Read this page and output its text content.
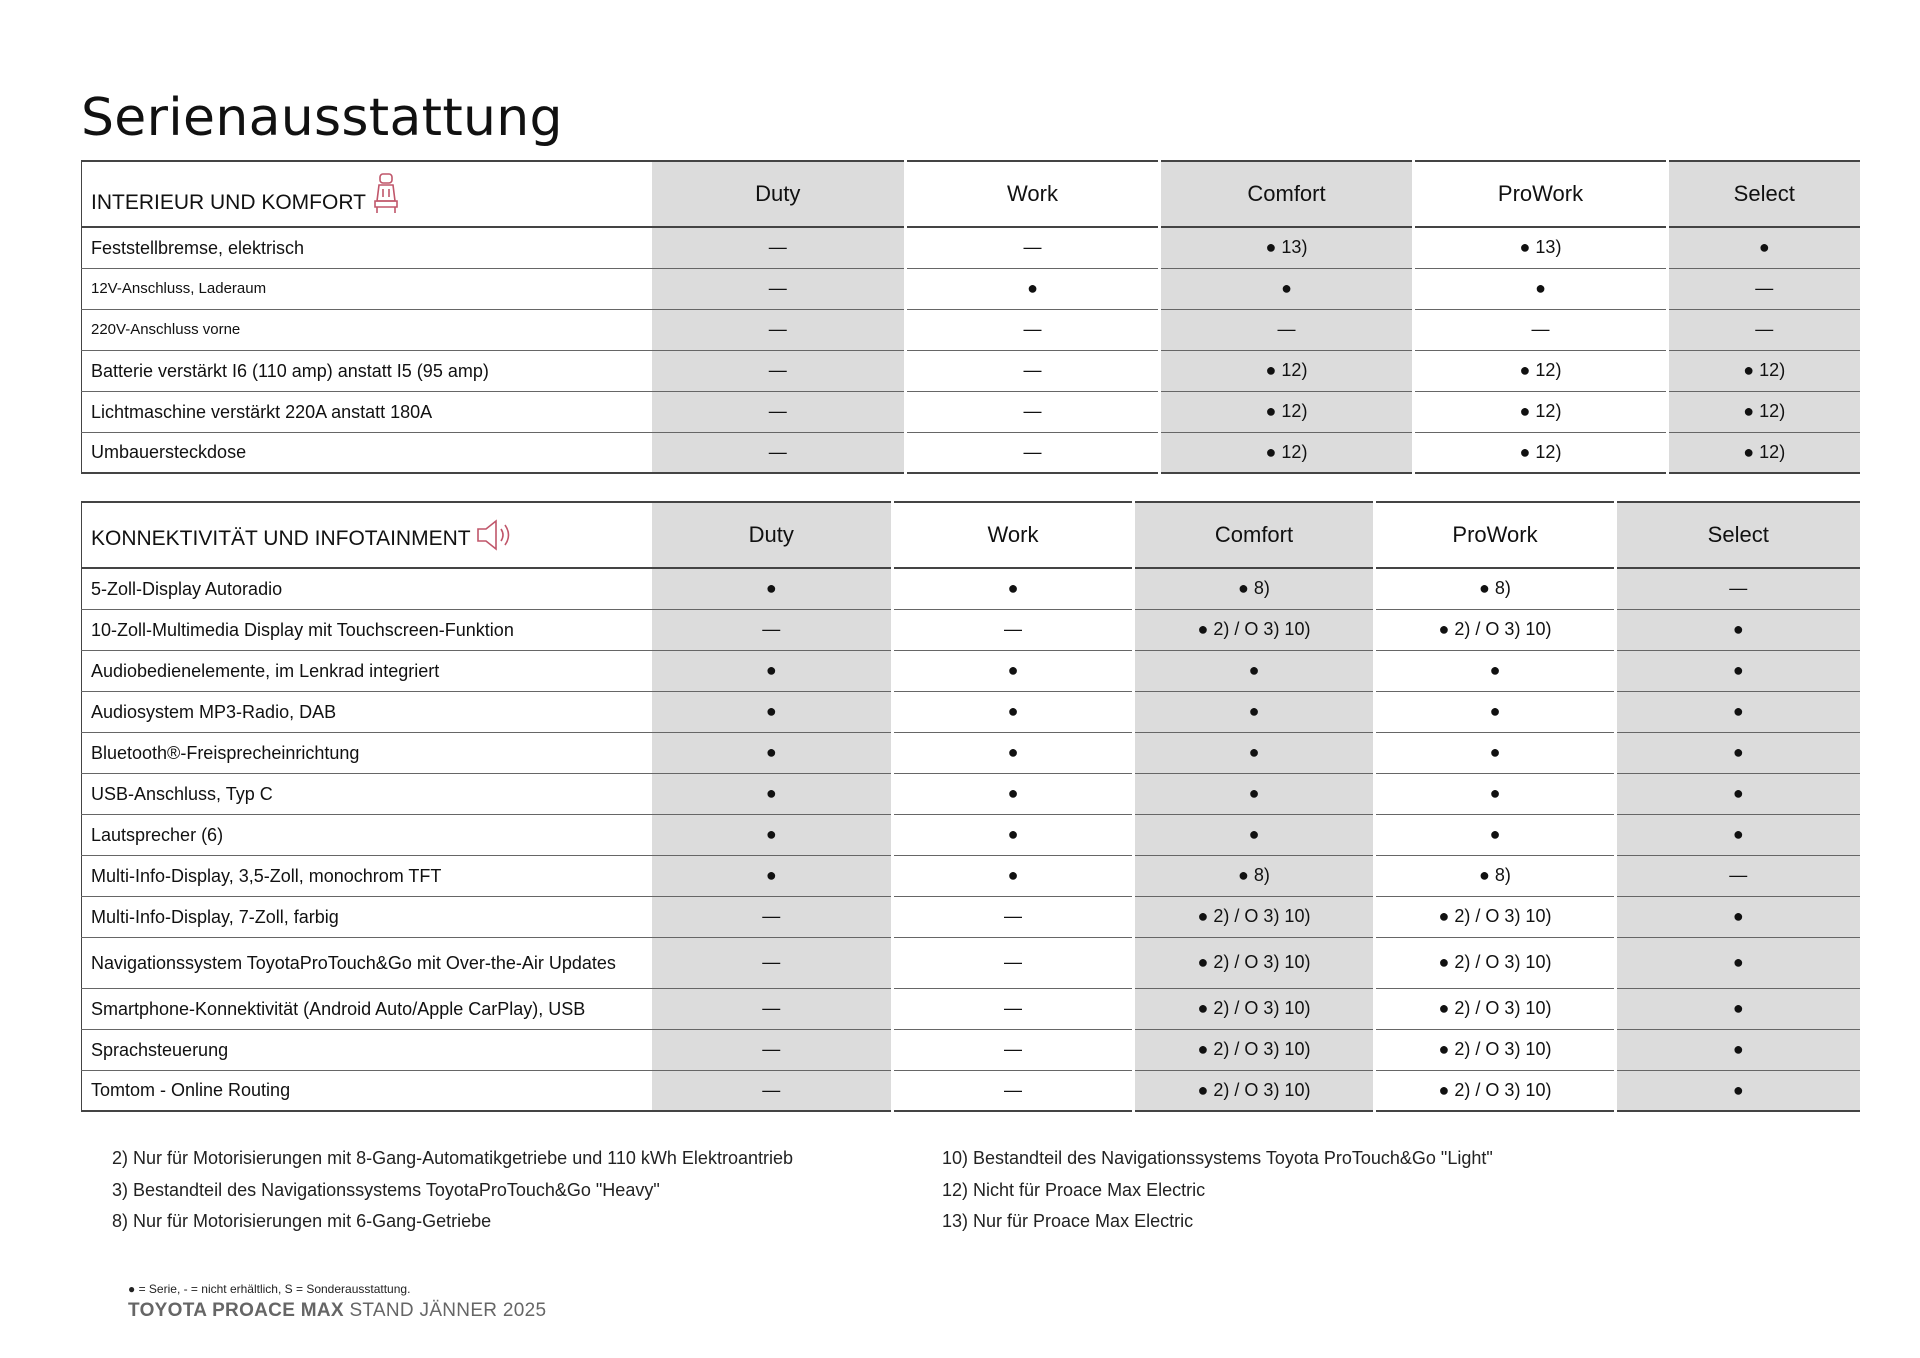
Serienausstattung
INTERIEUR UND KOMFORT	Duty	Work	Comfort	ProWork	Select
Feststellbremse, elektrisch	—	—	● 13)	● 13)	●
12V-Anschluss, Laderaum	—	●	●	●	—
220V-Anschluss vorne	—	—	—	—	—
Batterie verstärkt I6 (110 amp) anstatt I5 (95 amp)	—	—	● 12)	● 12)	● 12)
Lichtmaschine verstärkt 220A anstatt 180A	—	—	● 12)	● 12)	● 12)
Umbauersteckdose	—	—	● 12)	● 12)	● 12)
KONNEKTIVITÄT UND INFOTAINMENT	Duty	Work	Comfort	ProWork	Select
5-Zoll-Display Autoradio	●	●	● 8)	● 8)	—
10-Zoll-Multimedia Display mit Touchscreen-Funktion	—	—	● 2) / O 3) 10)	● 2) / O 3) 10)	●
Audiobedienelemente, im Lenkrad integriert	●	●	●	●	●
Audiosystem MP3-Radio, DAB	●	●	●	●	●
Bluetooth®-Freisprecheinrichtung	●	●	●	●	●
USB-Anschluss, Typ C	●	●	●	●	●
Lautsprecher (6)	●	●	●	●	●
Multi-Info-Display, 3,5-Zoll, monochrom TFT	●	●	● 8)	● 8)	—
Multi-Info-Display, 7-Zoll, farbig	—	—	● 2) / O 3) 10)	● 2) / O 3) 10)	●
Navigationssystem ToyotaProTouch&Go mit Over-the-Air Updates	—	—	● 2) / O 3) 10)	● 2) / O 3) 10)	●
Smartphone-Konnektivität (Android Auto/Apple CarPlay), USB	—	—	● 2) / O 3) 10)	● 2) / O 3) 10)	●
Sprachsteuerung	—	—	● 2) / O 3) 10)	● 2) / O 3) 10)	●
Tomtom - Online Routing	—	—	● 2) / O 3) 10)	● 2) / O 3) 10)	●
2) Nur für Motorisierungen mit 8-Gang-Automatikgetriebe und 110 kWh Elektroantrieb
3) Bestandteil des Navigationssystems ToyotaProTouch&Go "Heavy"
8) Nur für Motorisierungen mit 6-Gang-Getriebe
10) Bestandteil des Navigationssystems Toyota ProTouch&Go "Light"
12) Nicht für Proace Max Electric
13) Nur für Proace Max Electric
● = Serie, - = nicht erhältlich, S = Sonderausstattung.
TOYOTA PROACE MAX STAND JÄNNER 2025
